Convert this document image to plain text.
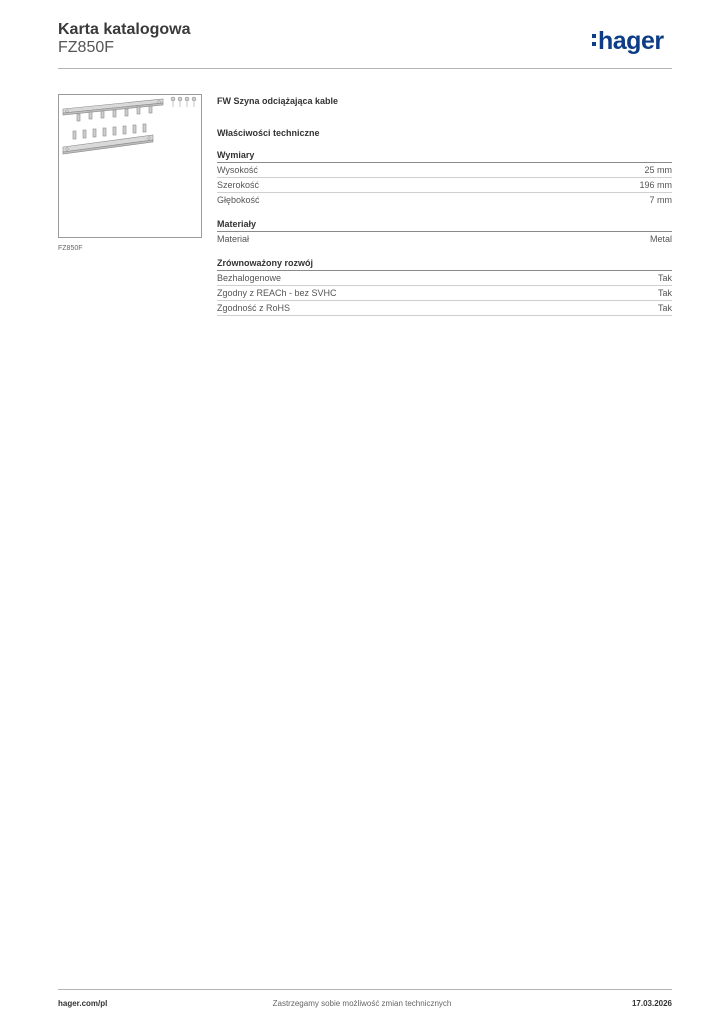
Karta katalogowa
FZ850F	hager
FZ850F
FW Szyna odciążająca kable
Właściwości techniczne
Wymiary
Wysokość	25 mm
Szerokość	196 mm
Głębokość	7 mm
Materiały
Materiał	Metal
Zrównoważony rozwój
Bezhalogenowe	Tak
Zgodny z REACh - bez SVHC	Tak
Zgodność z RoHS	Tak
hager.com/pl	Zastrzegamy sobie możliwość zmian technicznych	17.03.2026
